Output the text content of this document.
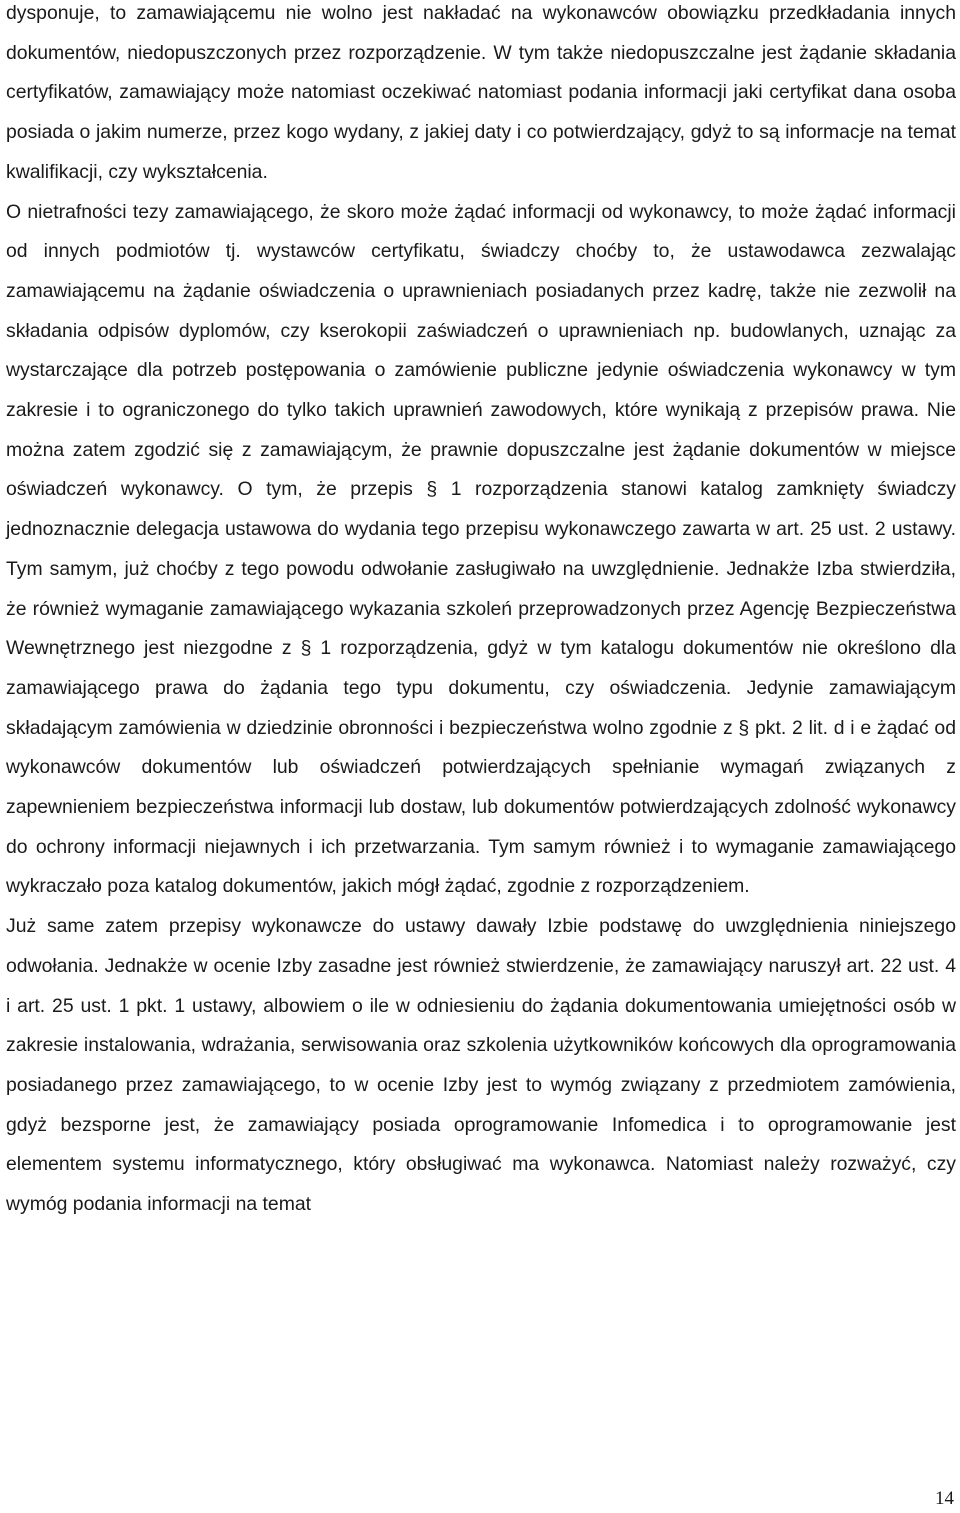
dysponuje, to zamawiającemu nie wolno jest nakładać na wykonawców obowiązku przedkładania innych dokumentów, niedopuszczonych przez rozporządzenie. W tym także niedopuszczalne jest żądanie składania certyfikatów, zamawiający może natomiast oczekiwać natomiast podania informacji jaki certyfikat dana osoba posiada o jakim numerze, przez kogo wydany, z jakiej daty i co potwierdzający, gdyż to są informacje na temat kwalifikacji, czy wykształcenia.

O nietrafności tezy zamawiającego, że skoro może żądać informacji od wykonawcy, to może żądać informacji od innych podmiotów tj. wystawców certyfikatu, świadczy choćby to, że ustawodawca zezwalając zamawiającemu na żądanie oświadczenia o uprawnieniach posiadanych przez kadrę, także nie zezwolił na składania odpisów dyplomów, czy kserokopii zaświadczeń o uprawnieniach np. budowlanych, uznając za wystarczające dla potrzeb postępowania o zamówienie publiczne jedynie oświadczenia wykonawcy w tym zakresie i to ograniczonego do tylko takich uprawnień zawodowych, które wynikają z przepisów prawa. Nie można zatem zgodzić się z zamawiającym, że prawnie dopuszczalne jest żądanie dokumentów w miejsce oświadczeń wykonawcy. O tym, że przepis § 1 rozporządzenia stanowi katalog zamknięty świadczy jednoznacznie delegacja ustawowa do wydania tego przepisu wykonawczego zawarta w art. 25 ust. 2 ustawy. Tym samym, już choćby z tego powodu odwołanie zasługiwało na uwzględnienie. Jednakże Izba stwierdziła, że również wymaganie zamawiającego wykazania szkoleń przeprowadzonych przez Agencję Bezpieczeństwa Wewnętrznego jest niezgodne z § 1 rozporządzenia, gdyż w tym katalogu dokumentów nie określono dla zamawiającego prawa do żądania tego typu dokumentu, czy oświadczenia. Jedynie zamawiającym składającym zamówienia w dziedzinie obronności i bezpieczeństwa wolno zgodnie z § pkt. 2 lit. d i e żądać od wykonawców dokumentów lub oświadczeń potwierdzających spełnianie wymagań związanych z zapewnieniem bezpieczeństwa informacji lub dostaw, lub dokumentów potwierdzających zdolność wykonawcy do ochrony informacji niejawnych i ich przetwarzania. Tym samym również i to wymaganie zamawiającego wykraczało poza katalog dokumentów, jakich mógł żądać, zgodnie z rozporządzeniem.

Już same zatem przepisy wykonawcze do ustawy dawały Izbie podstawę do uwzględnienia niniejszego odwołania. Jednakże w ocenie Izby zasadne jest również stwierdzenie, że zamawiający naruszył art. 22 ust. 4 i art. 25 ust. 1 pkt. 1 ustawy, albowiem o ile w odniesieniu do żądania dokumentowania umiejętności osób w zakresie instalowania, wdrażania, serwisowania oraz szkolenia użytkowników końcowych dla oprogramowania posiadanego przez zamawiającego, to w ocenie Izby jest to wymóg związany z przedmiotem zamówienia, gdyż bezsporne jest, że zamawiający posiada oprogramowanie Infomedica i to oprogramowanie jest elementem systemu informatycznego, który obsługiwać ma wykonawca. Natomiast należy rozważyć, czy wymóg podania informacji na temat

14
